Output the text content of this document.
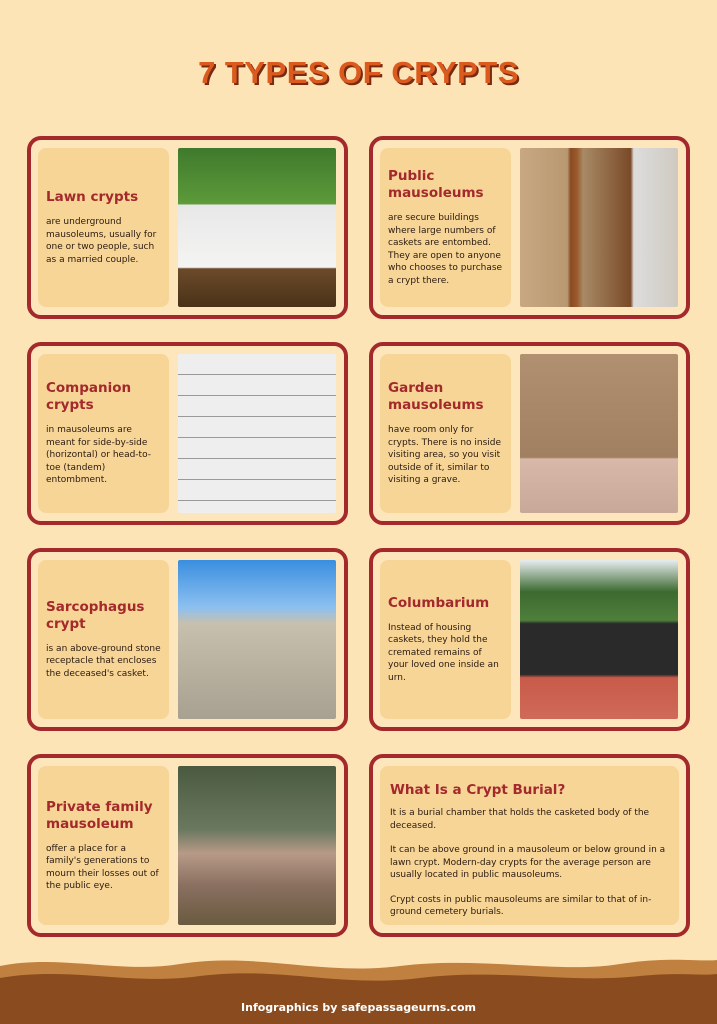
7 TYPES OF CRYPTS
Lawn crypts
are underground mausoleums, usually for one or two people, such as a married couple.
Public mausoleums
are secure buildings where large numbers of caskets are entombed. They are open to anyone who chooses to purchase a crypt there.
Companion crypts
in mausoleums are meant for side-by-side (horizontal) or head-to-toe (tandem) entombment.
Garden mausoleums
have room only for crypts. There is no inside visiting area, so you visit outside of it, similar to visiting a grave.
Sarcophagus crypt
is an above-ground stone receptacle that encloses the deceased's casket.
Columbarium
Instead of housing caskets, they hold the cremated remains of your loved one inside an urn.
Private family mausoleum
offer a place for a family's generations to mourn their losses out of the public eye.
What Is a Crypt Burial?
It is a burial chamber that holds the casketed body of the deceased.
It can be above ground in a mausoleum or below ground in a lawn crypt. Modern-day crypts for the average person are usually located in public mausoleums.
Crypt costs in public mausoleums are similar to that of in-ground cemetery burials.
Infographics by safepassageurns.com
